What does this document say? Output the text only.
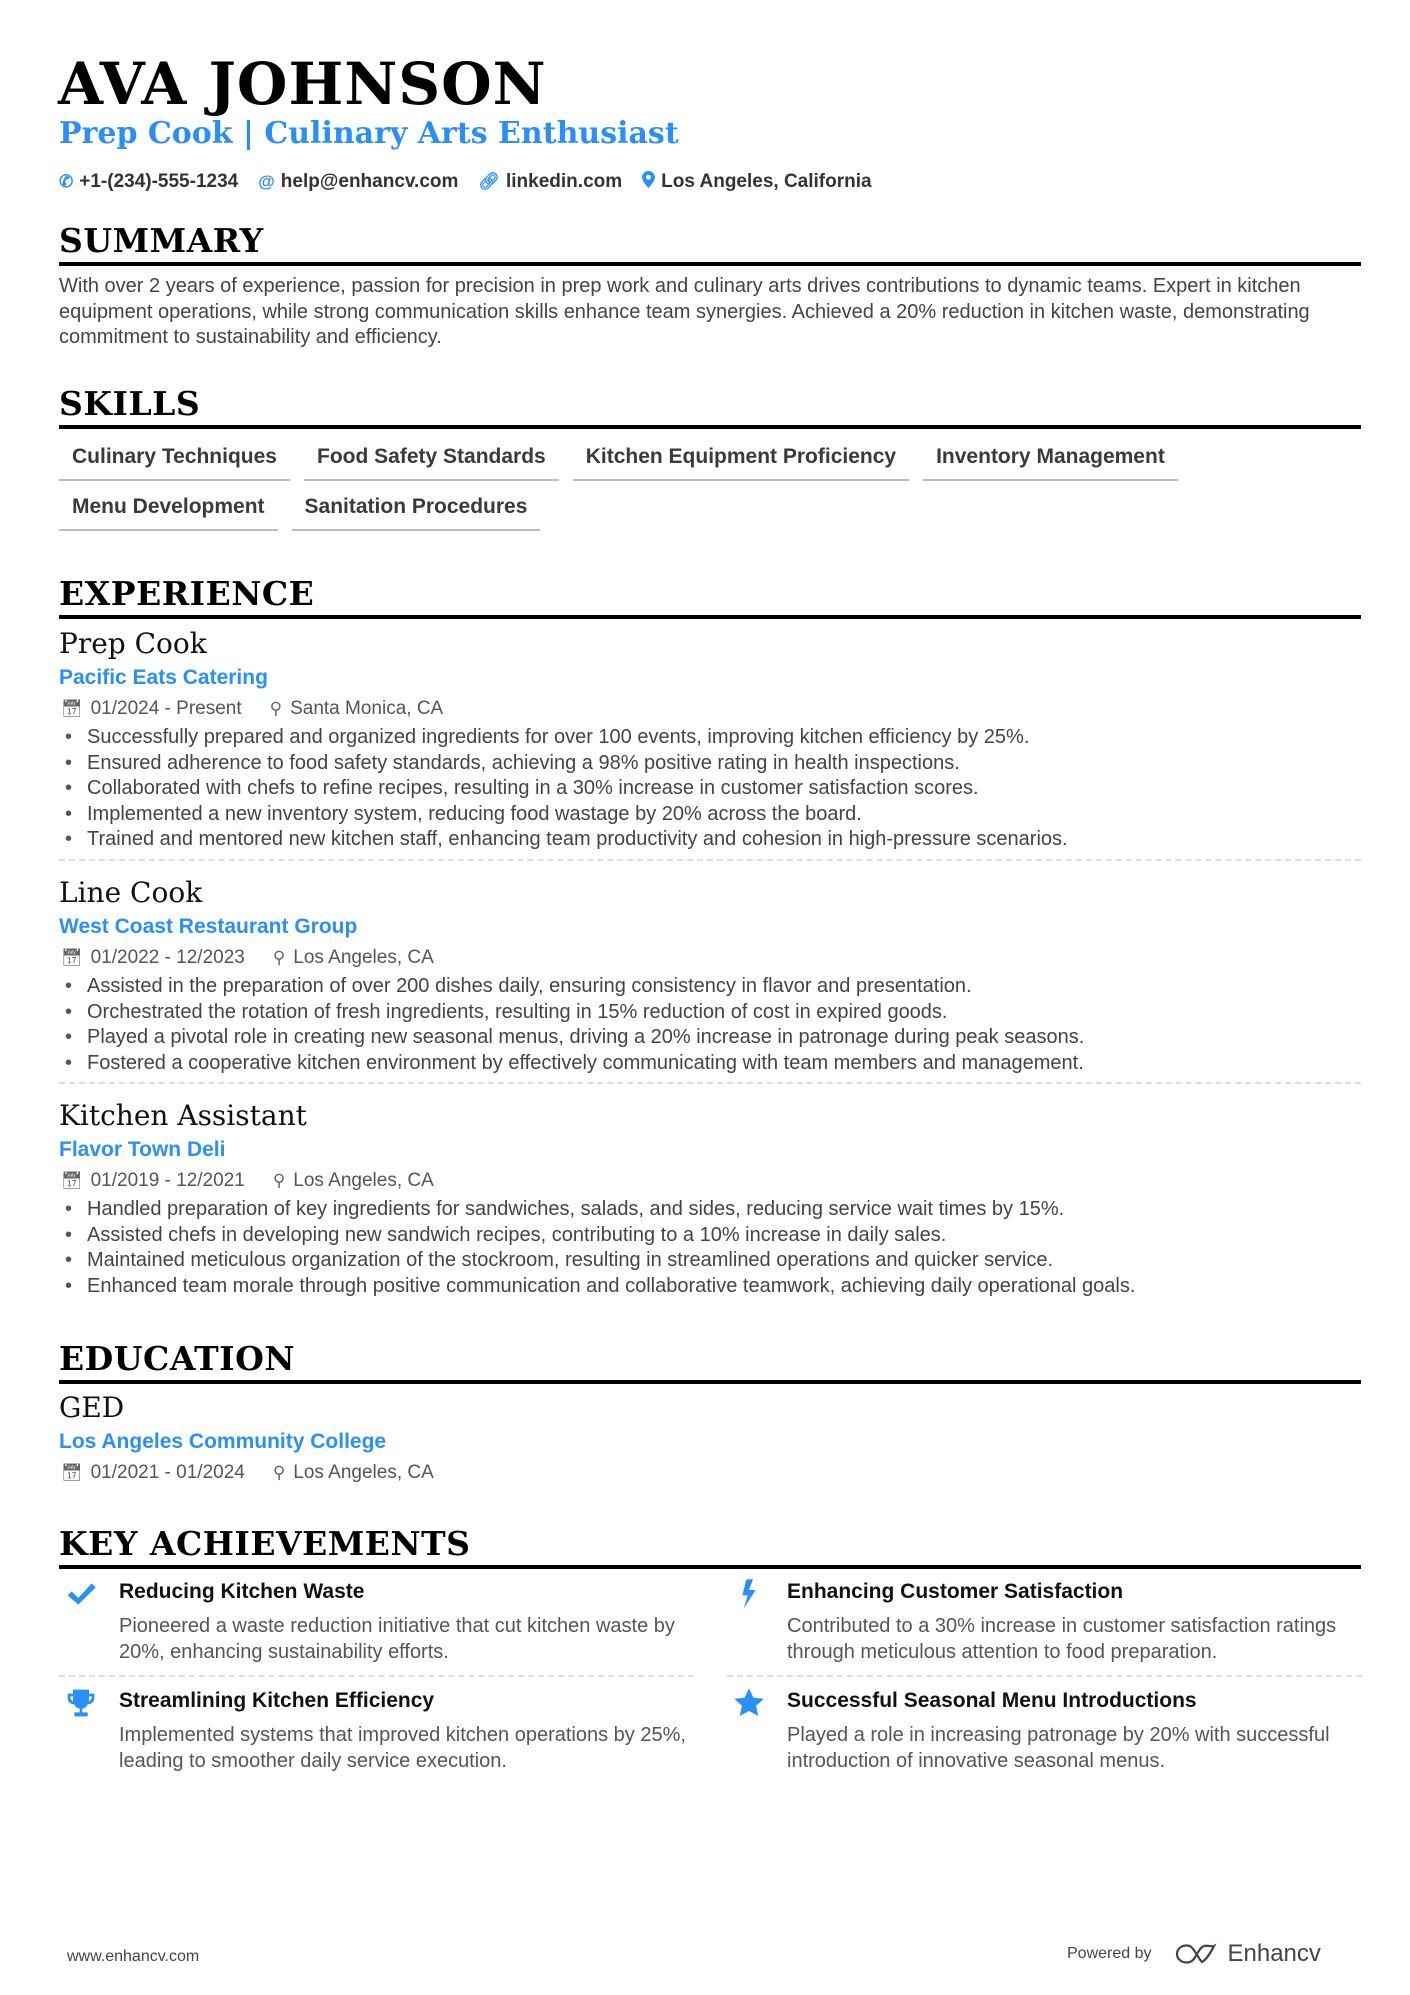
AVA JOHNSON
Prep Cook | Culinary Arts Enthusiast
✆ +1-(234)-555-1234 @ help@enhancv.com 🔗︎ linkedin.com Los Angeles, California
SUMMARY
With over 2 years of experience, passion for precision in prep work and culinary arts drives contributions to dynamic teams. Expert in kitchen equipment operations, while strong communication skills enhance team synergies. Achieved a 20% reduction in kitchen waste, demonstrating commitment to sustainability and efficiency.
SKILLS
Culinary Techniques	Food Safety Standards	Kitchen Equipment Proficiency	Inventory Management
Menu Development	Sanitation Procedures
EXPERIENCE
Prep Cook
Pacific Eats Catering
📅︎ 01/2024 - Present ⚲ Santa Monica, CA
• Successfully prepared and organized ingredients for over 100 events, improving kitchen efficiency by 25%.
• Ensured adherence to food safety standards, achieving a 98% positive rating in health inspections.
• Collaborated with chefs to refine recipes, resulting in a 30% increase in customer satisfaction scores.
• Implemented a new inventory system, reducing food wastage by 20% across the board.
• Trained and mentored new kitchen staff, enhancing team productivity and cohesion in high-pressure scenarios.
Line Cook
West Coast Restaurant Group
📅︎ 01/2022 - 12/2023 ⚲ Los Angeles, CA
• Assisted in the preparation of over 200 dishes daily, ensuring consistency in flavor and presentation.
• Orchestrated the rotation of fresh ingredients, resulting in 15% reduction of cost in expired goods.
• Played a pivotal role in creating new seasonal menus, driving a 20% increase in patronage during peak seasons.
• Fostered a cooperative kitchen environment by effectively communicating with team members and management.
Kitchen Assistant
Flavor Town Deli
📅︎ 01/2019 - 12/2021 ⚲ Los Angeles, CA
• Handled preparation of key ingredients for sandwiches, salads, and sides, reducing service wait times by 15%.
• Assisted chefs in developing new sandwich recipes, contributing to a 10% increase in daily sales.
• Maintained meticulous organization of the stockroom, resulting in streamlined operations and quicker service.
• Enhanced team morale through positive communication and collaborative teamwork, achieving daily operational goals.
EDUCATION
GED
Los Angeles Community College
📅︎ 01/2021 - 01/2024 ⚲ Los Angeles, CA
KEY ACHIEVEMENTS
Reducing Kitchen Waste
Pioneered a waste reduction initiative that cut kitchen waste by 20%, enhancing sustainability efforts.
Enhancing Customer Satisfaction
Contributed to a 30% increase in customer satisfaction ratings through meticulous attention to food preparation.
Streamlining Kitchen Efficiency
Implemented systems that improved kitchen operations by 25%, leading to smoother daily service execution.
Successful Seasonal Menu Introductions
Played a role in increasing patronage by 20% with successful introduction of innovative seasonal menus.
www.enhancv.com	Powered by	Enhancv
